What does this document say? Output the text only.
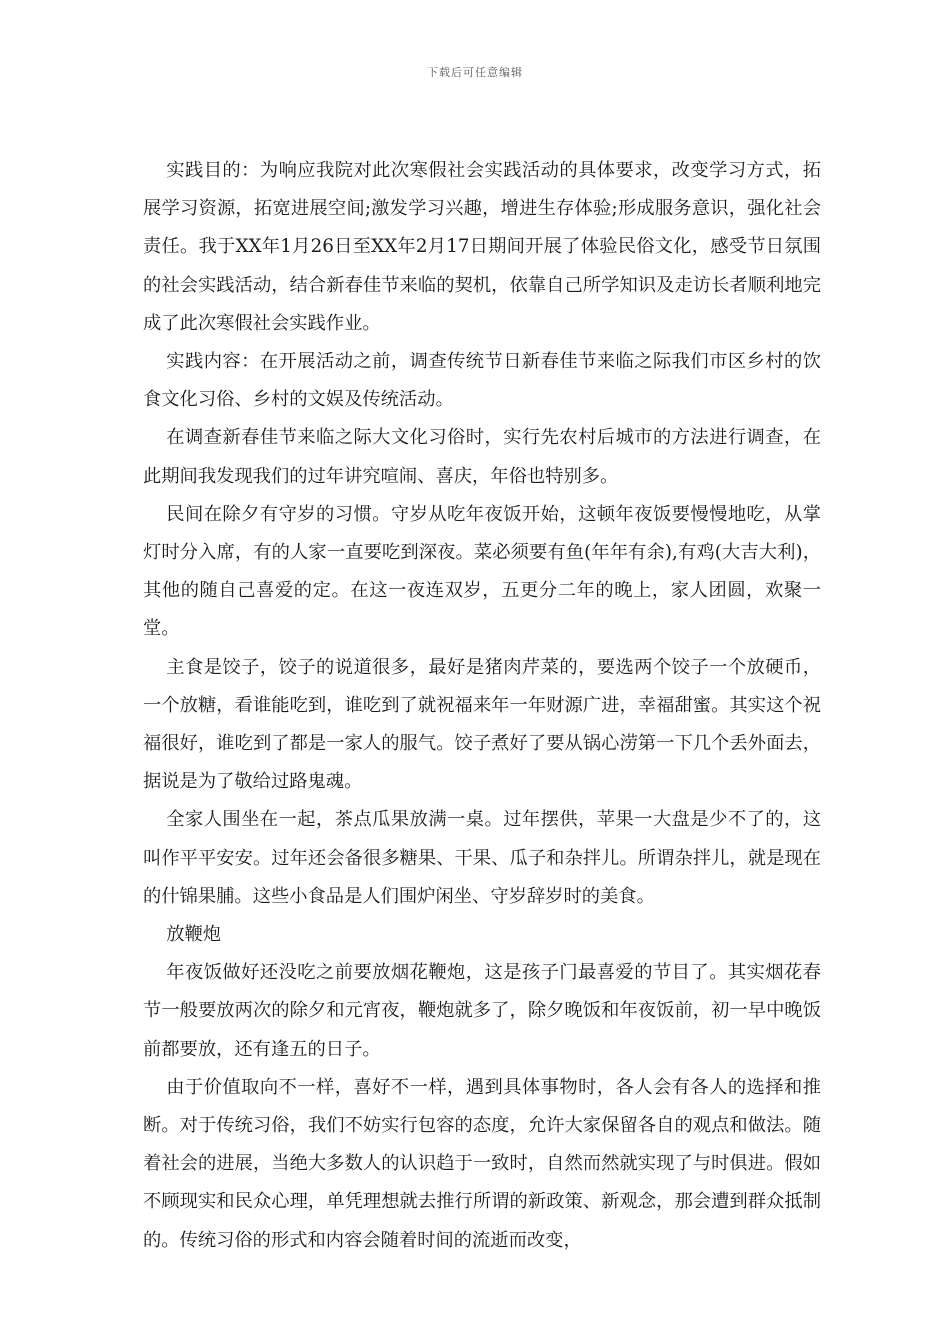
下载后可任意编辑

实践目的：为响应我院对此次寒假社会实践活动的具体要求，改变学习方式，拓展学习资源，拓宽进展空间;激发学习兴趣，增进生存体验;形成服务意识，强化社会责任。我于XX年1月26日至XX年2月17日期间开展了体验民俗文化，感受节日氛围的社会实践活动，结合新春佳节来临的契机，依靠自己所学知识及走访长者顺利地完成了此次寒假社会实践作业。

实践内容：在开展活动之前，调查传统节日新春佳节来临之际我们市区乡村的饮食文化习俗、乡村的文娱及传统活动。

在调查新春佳节来临之际大文化习俗时，实行先农村后城市的方法进行调查，在此期间我发现我们的过年讲究喧闹、喜庆，年俗也特别多。

民间在除夕有守岁的习惯。守岁从吃年夜饭开始，这顿年夜饭要慢慢地吃，从掌灯时分入席，有的人家一直要吃到深夜。菜必须要有鱼(年年有余),有鸡(大吉大利)，其他的随自己喜爱的定。在这一夜连双岁，五更分二年的晚上，家人团圆，欢聚一堂。

主食是饺子，饺子的说道很多，最好是猪肉芹菜的，要选两个饺子一个放硬币，一个放糖，看谁能吃到，谁吃到了就祝福来年一年财源广进，幸福甜蜜。其实这个祝福很好，谁吃到了都是一家人的服气。饺子煮好了要从锅心涝第一下几个丢外面去，据说是为了敬给过路鬼魂。

全家人围坐在一起，茶点瓜果放满一桌。过年摆供，苹果一大盘是少不了的，这叫作平平安安。过年还会备很多糖果、干果、瓜子和杂拌儿。所谓杂拌儿，就是现在的什锦果脯。这些小食品是人们围炉闲坐、守岁辞岁时的美食。

放鞭炮

年夜饭做好还没吃之前要放烟花鞭炮，这是孩子门最喜爱的节目了。其实烟花春节一般要放两次的除夕和元宵夜，鞭炮就多了，除夕晚饭和年夜饭前，初一早中晚饭前都要放，还有逢五的日子。

由于价值取向不一样，喜好不一样，遇到具体事物时，各人会有各人的选择和推断。对于传统习俗，我们不妨实行包容的态度，允许大家保留各自的观点和做法。随着社会的进展，当绝大多数人的认识趋于一致时，自然而然就实现了与时俱进。假如不顾现实和民众心理，单凭理想就去推行所谓的新政策、新观念，那会遭到群众抵制的。传统习俗的形式和内容会随着时间的流逝而改变，
